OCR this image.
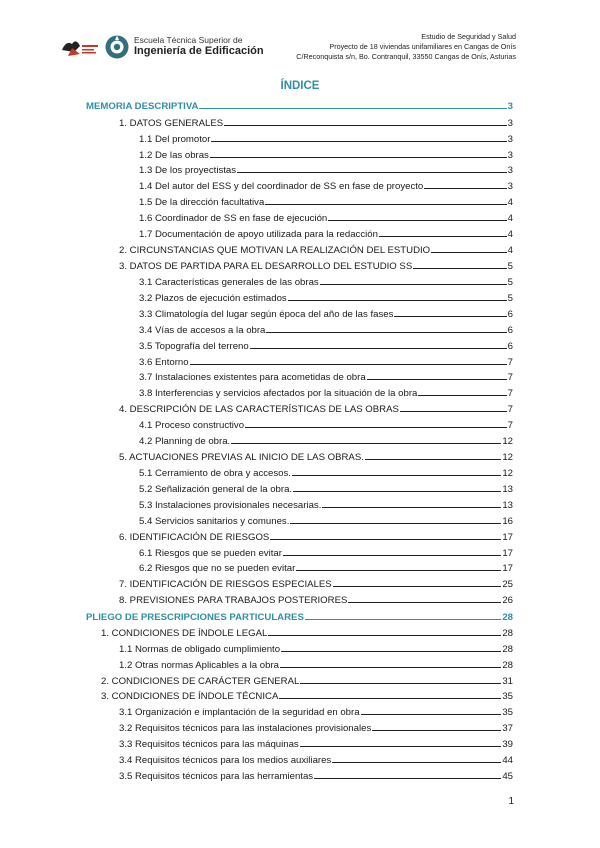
Escuela Técnica Superior de
Ingeniería de Edificación
Estudio de Seguridad y Salud
Proyecto de 18 viviendas unifamiliares en Cangas de Onís
C/Reconquista s/n, Bo. Contranquil, 33550 Cangas de Onís, Asturias
ÍNDICE
MEMORIA DESCRIPTIVA	3
1. DATOS GENERALES	3
1.1 Del promotor	3
1.2 De las obras	3
1.3 De los proyectistas	3
1.4 Del autor del ESS y del coordinador de SS en fase de proyecto	3
1.5 De la dirección facultativa	4
1.6 Coordinador de SS en fase de ejecución	4
1.7 Documentación de apoyo utilizada para la redacción	4
2. CIRCUNSTANCIAS QUE MOTIVAN LA REALIZACIÓN DEL ESTUDIO	4
3. DATOS DE PARTIDA PARA EL DESARROLLO DEL ESTUDIO SS	5
3.1 Características generales de las obras	5
3.2 Plazos de ejecución estimados	5
3.3 Climatología del lugar según época del año de las fases	6
3.4 Vías de accesos a la obra	6
3.5 Topografía del terreno	6
3.6 Entorno	7
3.7 Instalaciones existentes para acometidas de obra	7
3.8 Interferencias y servicios afectados por la situación de la obra	7
4. DESCRIPCIÓN DE LAS CARACTERÍSTICAS DE LAS OBRAS	7
4.1 Proceso constructivo	7
4.2 Planning de obra.	12
5. ACTUACIONES PREVIAS AL INICIO DE LAS OBRAS.	12
5.1 Cerramiento de obra y accesos.	12
5.2 Señalización general de la obra.	13
5.3 Instalaciones provisionales necesarias.	13
5.4 Servicios sanitarios y comunes.	16
6. IDENTIFICACIÓN DE RIESGOS	17
6.1 Riesgos que se pueden evitar	17
6.2 Riesgos que no se pueden evitar	17
7. IDENTIFICACIÓN DE RIESGOS ESPECIALES	25
8. PREVISIONES PARA TRABAJOS POSTERIORES	26
PLIEGO DE PRESCRIPCIONES PARTICULARES	28
1. CONDICIONES DE ÍNDOLE LEGAL	28
1.1 Normas de obligado cumplimiento	28
1.2 Otras normas Aplicables a la obra	28
2. CONDICIONES DE CARÁCTER GENERAL	31
3. CONDICIONES DE ÍNDOLE TÉCNICA	35
3.1 Organización e implantación de la seguridad en obra	35
3.2 Requisitos técnicos para las instalaciones provisionales	37
3.3 Requisitos técnicos para las máquinas	39
3.4 Requisitos técnicos para los medios auxiliares	44
3.5 Requisitos técnicos para las herramientas	45
1
